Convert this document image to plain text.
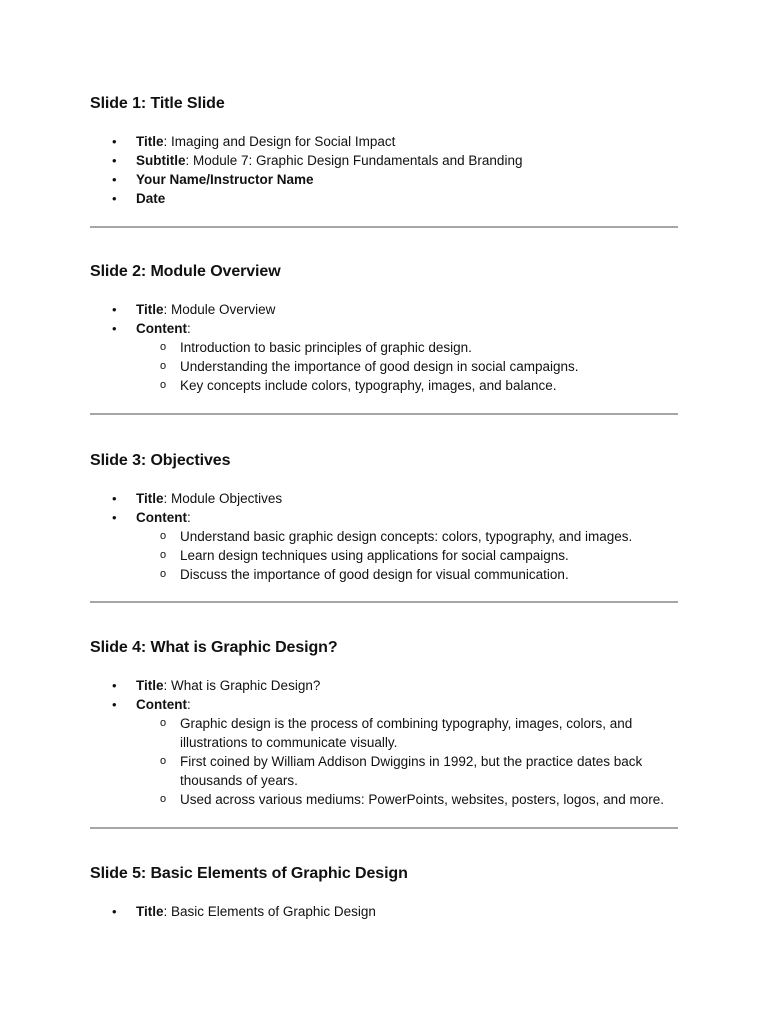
Slide 1: Title Slide
• Title: Imaging and Design for Social Impact
• Subtitle: Module 7: Graphic Design Fundamentals and Branding
• Your Name/Instructor Name
• Date
Slide 2: Module Overview
• Title: Module Overview
• Content:
o Introduction to basic principles of graphic design.
o Understanding the importance of good design in social campaigns.
o Key concepts include colors, typography, images, and balance.
Slide 3: Objectives
• Title: Module Objectives
• Content:
o Understand basic graphic design concepts: colors, typography, and images.
o Learn design techniques using applications for social campaigns.
o Discuss the importance of good design for visual communication.
Slide 4: What is Graphic Design?
• Title: What is Graphic Design?
• Content:
o Graphic design is the process of combining typography, images, colors, and illustrations to communicate visually.
o First coined by William Addison Dwiggins in 1992, but the practice dates back thousands of years.
o Used across various mediums: PowerPoints, websites, posters, logos, and more.
Slide 5: Basic Elements of Graphic Design
• Title: Basic Elements of Graphic Design
